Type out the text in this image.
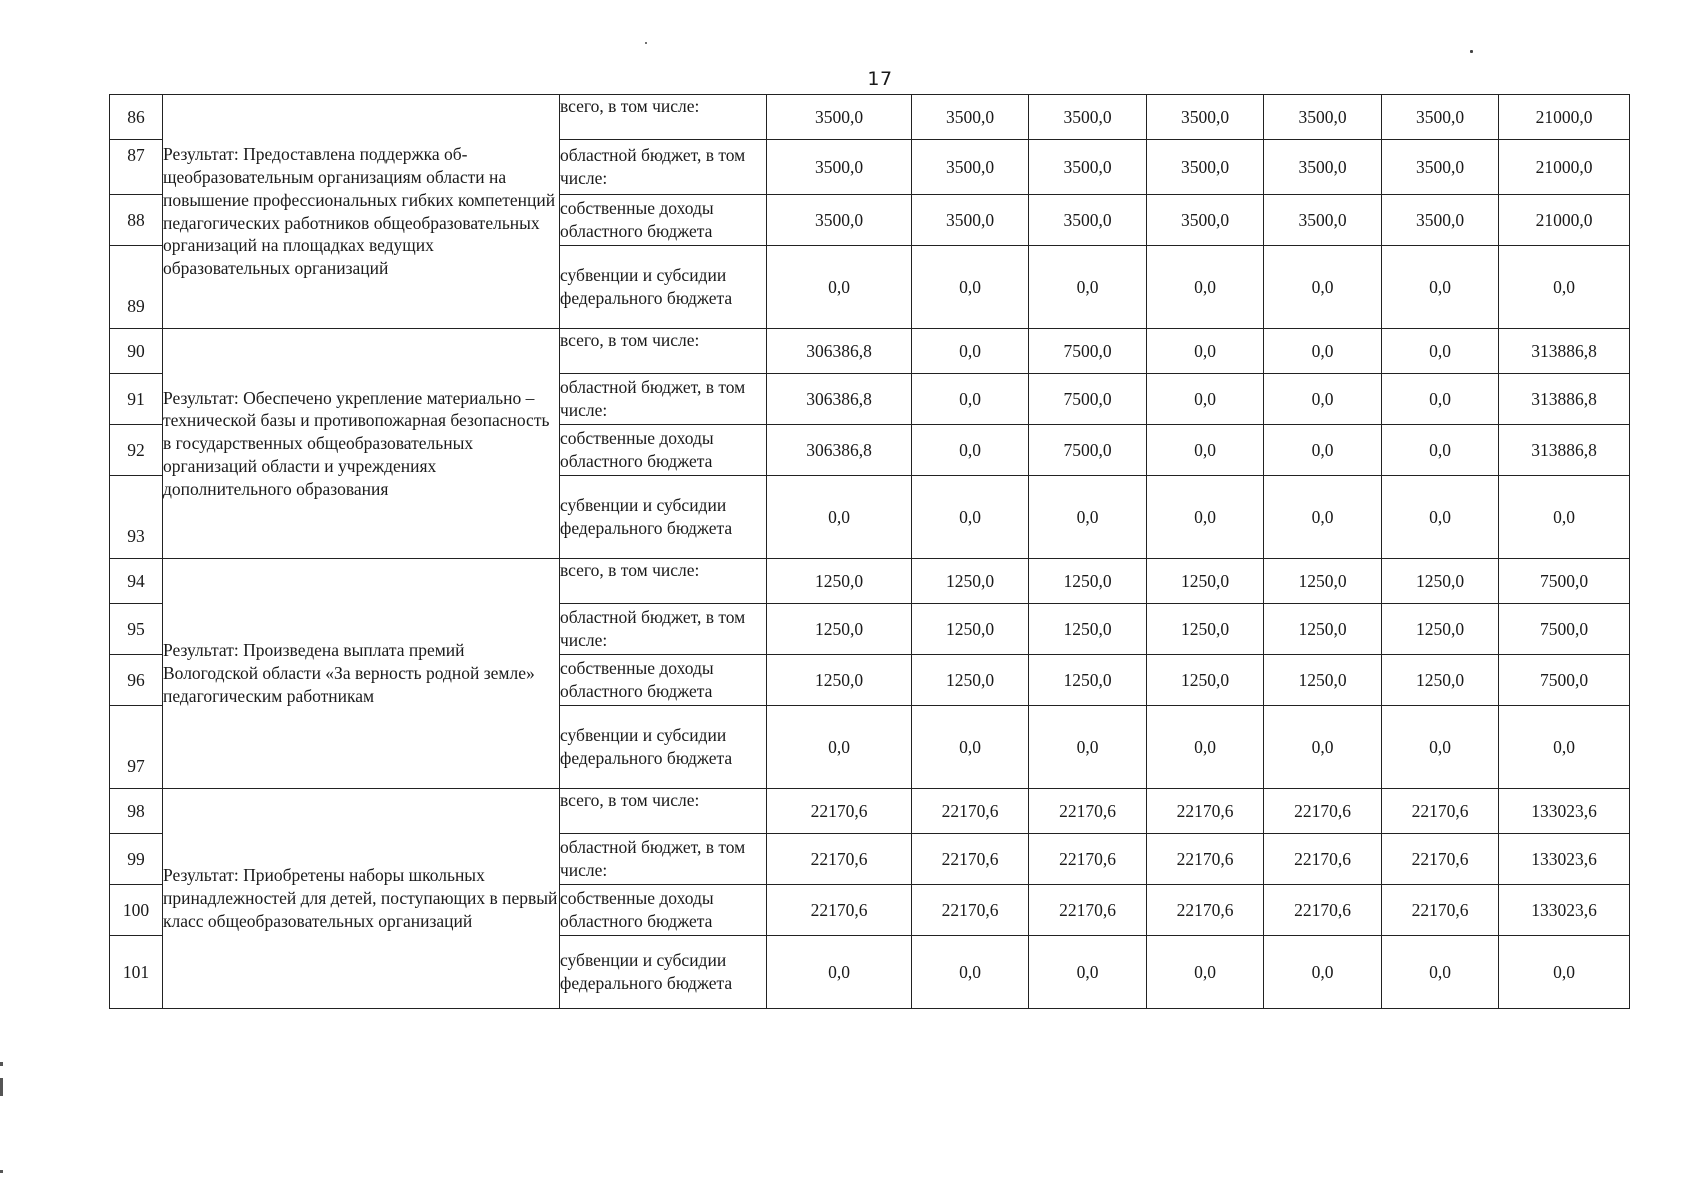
17
86	Результат: Предоставлена поддержка общеобразовательным организациям области на повышение профессиональных гибких компетенций педагогических работников общеобразовательных организаций на площадках ведущих образовательных организаций	всего, в том числе:	3500,0	3500,0	3500,0	3500,0	3500,0	3500,0	21000,0
87		областной бюджет, в том числе:	3500,0	3500,0	3500,0	3500,0	3500,0	3500,0	21000,0
88		собственные доходы областного бюджета	3500,0	3500,0	3500,0	3500,0	3500,0	3500,0	21000,0
89		субвенции и субсидии федерального бюджета	0,0	0,0	0,0	0,0	0,0	0,0	0,0
90	Результат: Обеспечено укрепление материально – технической базы и противопожарная безопасность в государственных общеобразовательных организаций области и учреждениях дополнительного образования	всего, в том числе:	306386,8	0,0	7500,0	0,0	0,0	0,0	313886,8
91		областной бюджет, в том числе:	306386,8	0,0	7500,0	0,0	0,0	0,0	313886,8
92		собственные доходы областного бюджета	306386,8	0,0	7500,0	0,0	0,0	0,0	313886,8
93		субвенции и субсидии федерального бюджета	0,0	0,0	0,0	0,0	0,0	0,0	0,0
94	Результат: Произведена выплата премий Вологодской области «За верность родной земле» педагогическим работникам	всего, в том числе:	1250,0	1250,0	1250,0	1250,0	1250,0	1250,0	7500,0
95		областной бюджет, в том числе:	1250,0	1250,0	1250,0	1250,0	1250,0	1250,0	7500,0
96		собственные доходы областного бюджета	1250,0	1250,0	1250,0	1250,0	1250,0	1250,0	7500,0
97		субвенции и субсидии федерального бюджета	0,0	0,0	0,0	0,0	0,0	0,0	0,0
98	Результат: Приобретены наборы школьных принадлежностей для детей, поступающих в первый класс общеобразовательных организаций	всего, в том числе:	22170,6	22170,6	22170,6	22170,6	22170,6	22170,6	133023,6
99		областной бюджет, в том числе:	22170,6	22170,6	22170,6	22170,6	22170,6	22170,6	133023,6
100		собственные доходы областного бюджета	22170,6	22170,6	22170,6	22170,6	22170,6	22170,6	133023,6
101		субвенции и субсидии федерального бюджета	0,0	0,0	0,0	0,0	0,0	0,0	0,0
